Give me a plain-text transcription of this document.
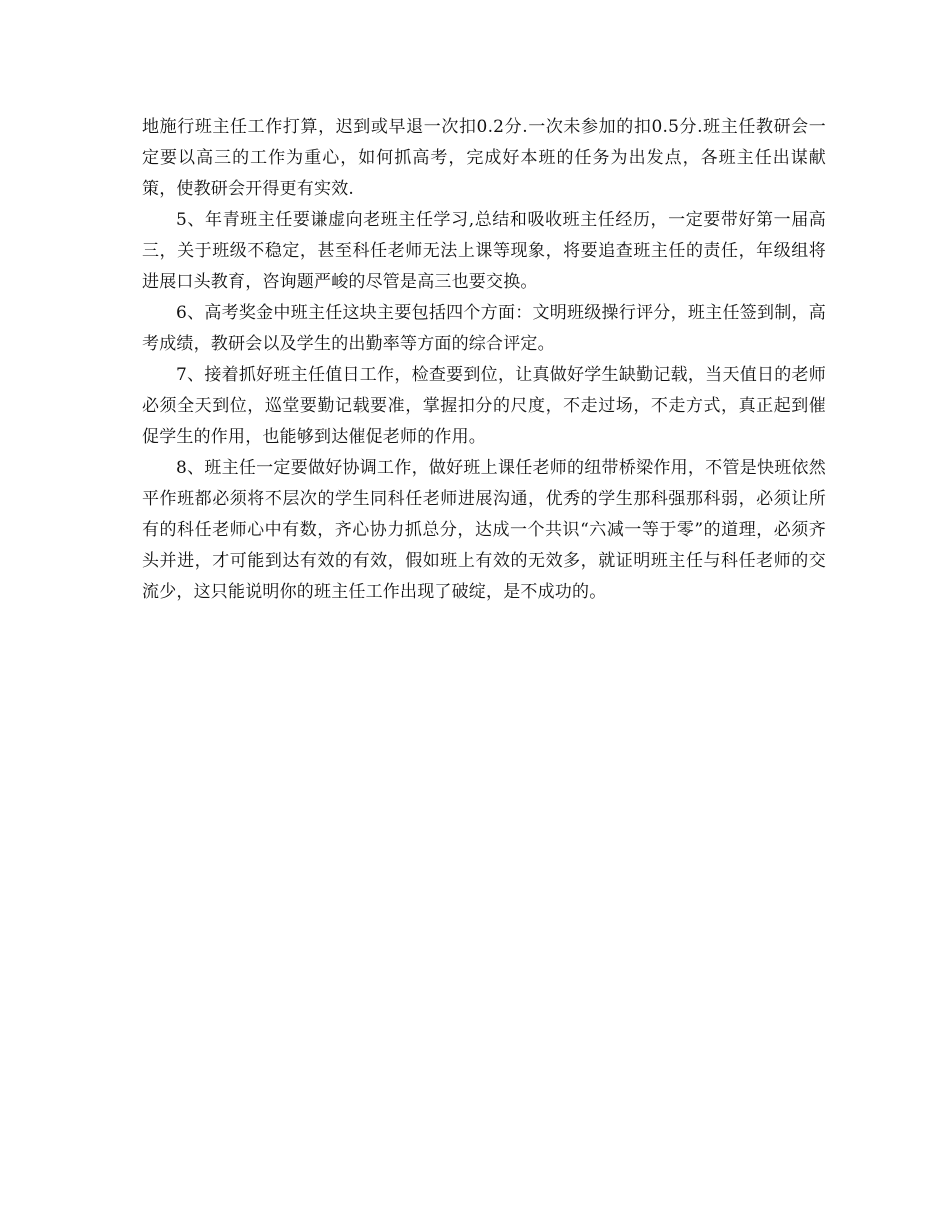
地施行班主任工作打算，迟到或早退一次扣0.2分.一次未参加的扣0.5分.班主任教研会一定要以高三的工作为重心，如何抓高考，完成好本班的任务为出发点，各班主任出谋献策，使教研会开得更有实效.

5、年青班主任要谦虚向老班主任学习,总结和吸收班主任经历，一定要带好第一届高三，关于班级不稳定，甚至科任老师无法上课等现象，将要追查班主任的责任，年级组将进展口头教育，咨询题严峻的尽管是高三也要交换。

6、高考奖金中班主任这块主要包括四个方面：文明班级操行评分，班主任签到制，高考成绩，教研会以及学生的出勤率等方面的综合评定。

7、接着抓好班主任值日工作，检查要到位，让真做好学生缺勤记载，当天值日的老师必须全天到位，巡堂要勤记载要准，掌握扣分的尺度，不走过场，不走方式，真正起到催促学生的作用，也能够到达催促老师的作用。

8、班主任一定要做好协调工作，做好班上课任老师的纽带桥梁作用，不管是快班依然平作班都必须将不层次的学生同科任老师进展沟通，优秀的学生那科强那科弱，必须让所有的科任老师心中有数，齐心协力抓总分，达成一个共识“六减一等于零”的道理，必须齐头并进，才可能到达有效的有效，假如班上有效的无效多，就证明班主任与科任老师的交流少，这只能说明你的班主任工作出现了破绽，是不成功的。
